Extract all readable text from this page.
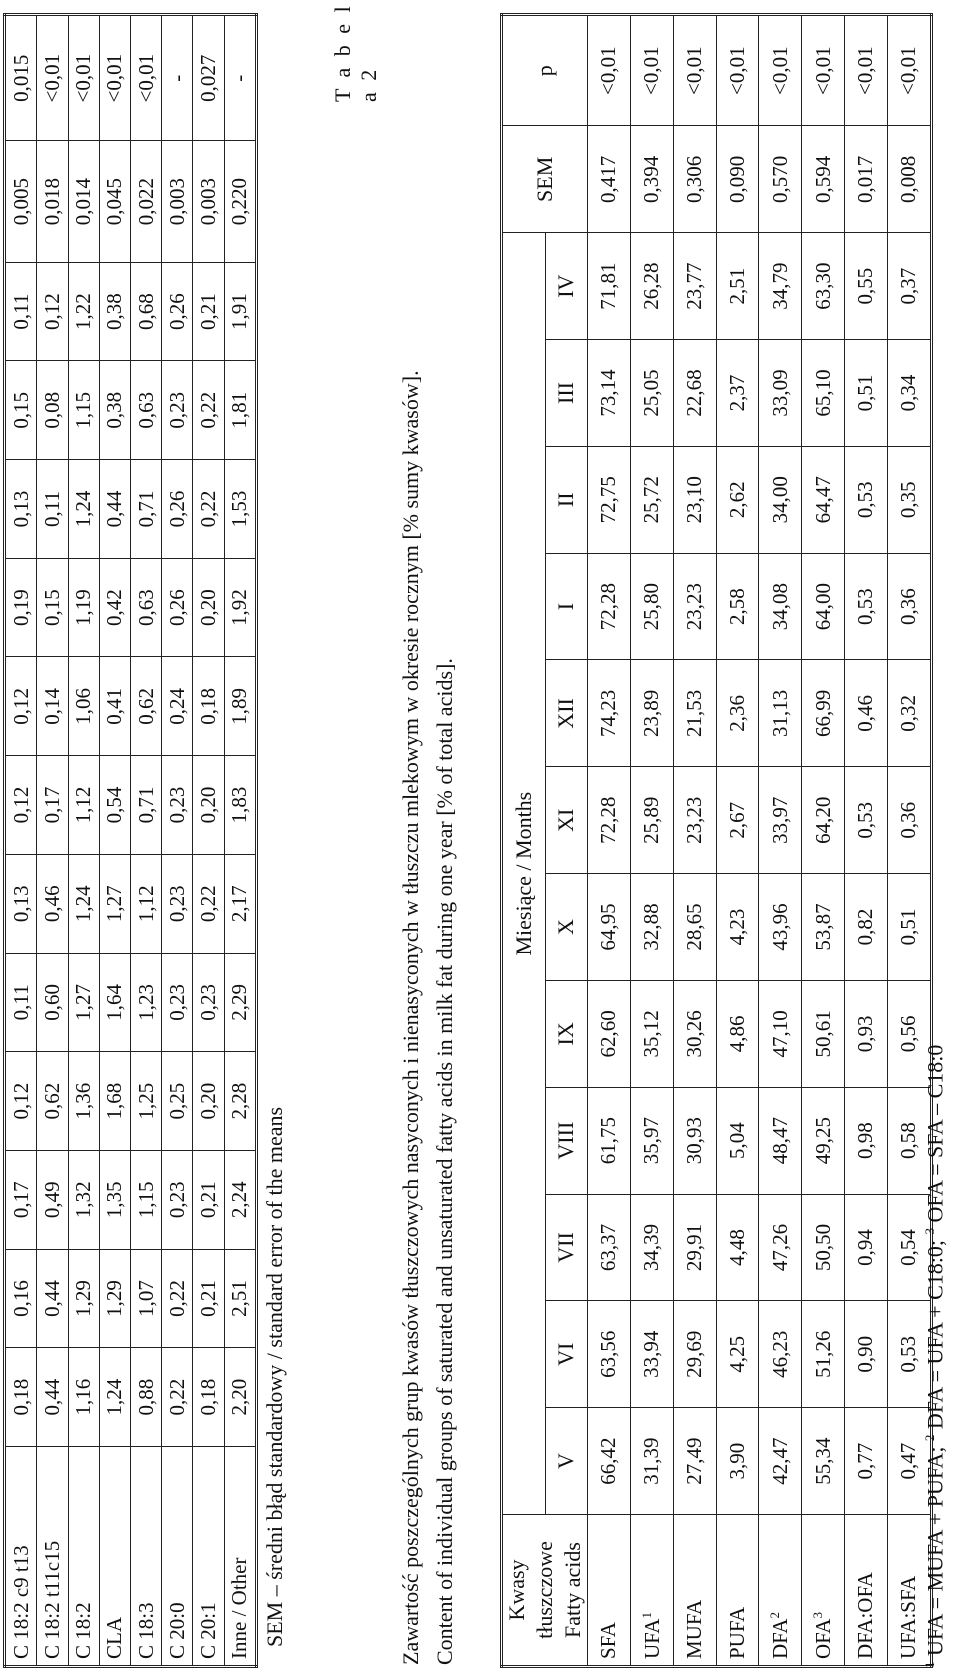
C 18:2 c9 t13	0,18	0,16	0,17	0,12	0,11	0,13	0,12	0,12	0,19	0,13	0,15	0,11	0,005	0,015
C 18:2 t11c15	0,44	0,44	0,49	0,62	0,60	0,46	0,17	0,14	0,15	0,11	0,08	0,12	0,018	<0,01
C 18:2	1,16	1,29	1,32	1,36	1,27	1,24	1,12	1,06	1,19	1,24	1,15	1,22	0,014	<0,01
CLA	1,24	1,29	1,35	1,68	1,64	1,27	0,54	0,41	0,42	0,44	0,38	0,38	0,045	<0,01
C 18:3	0,88	1,07	1,15	1,25	1,23	1,12	0,71	0,62	0,63	0,71	0,63	0,68	0,022	<0,01
C 20:0	0,22	0,22	0,23	0,25	0,23	0,23	0,23	0,24	0,26	0,26	0,23	0,26	0,003	-
C 20:1	0,18	0,21	0,21	0,20	0,23	0,22	0,20	0,18	0,20	0,22	0,22	0,21	0,003	0,027
Inne / Other	2,20	2,51	2,24	2,28	2,29	2,17	1,83	1,89	1,92	1,53	1,81	1,91	0,220	-
SEM – średni błąd standardowy / standard error of the means
T a b e l a 2
Zawartość poszczególnych grup kwasów tłuszczowych nasyconych i nienasyconych w tłuszczu mlekowym w okresie rocznym [% sumy kwasów]. Content of individual groups of saturated and unsaturated fatty acids in milk fat during one year [% of total acids]. Kwasy tłuszczowe Fatty acids	Miesiące / Months												SEM	p
	V	VI	VII	VIII	IX	X	XI	XII	I	II	III	IV		
SFA	66,42	63,56	63,37	61,75	62,60	64,95	72,28	74,23	72,28	72,75	73,14	71,81	0,417	<0,01
UFA$^1$	31,39	33,94	34,39	35,97	35,12	32,88	25,89	23,89	25,80	25,72	25,05	26,28	0,394	<0,01
MUFA	27,49	29,69	29,91	30,93	30,26	28,65	23,23	21,53	23,23	23,10	22,68	23,77	0,306	<0,01
PUFA	3,90	4,25	4,48	5,04	4,86	4,23	2,67	2,36	2,58	2,62	2,37	2,51	0,090	<0,01
DFA$^2$	42,47	46,23	47,26	48,47	47,10	43,96	33,97	31,13	34,08	34,00	33,09	34,79	0,570	<0,01
OFA$^3$	55,34	51,26	50,50	49,25	50,61	53,87	64,20	66,99	64,00	64,47	65,10	63,30	0,594	<0,01
DFA:OFA	0,77	0,90	0,94	0,98	0,93	0,82	0,53	0,46	0,53	0,53	0,51	0,55	0,017	<0,01
UFA:SFA	0,47	0,53	0,54	0,58	0,56	0,51	0,36	0,32	0,36	0,35	0,34	0,37	0,008	<0,01
$^1$ UFA = MUFA + PUFA; $^2$ DFA = UFA + C18:0; $^3$ OFA = SFA – C18:0
